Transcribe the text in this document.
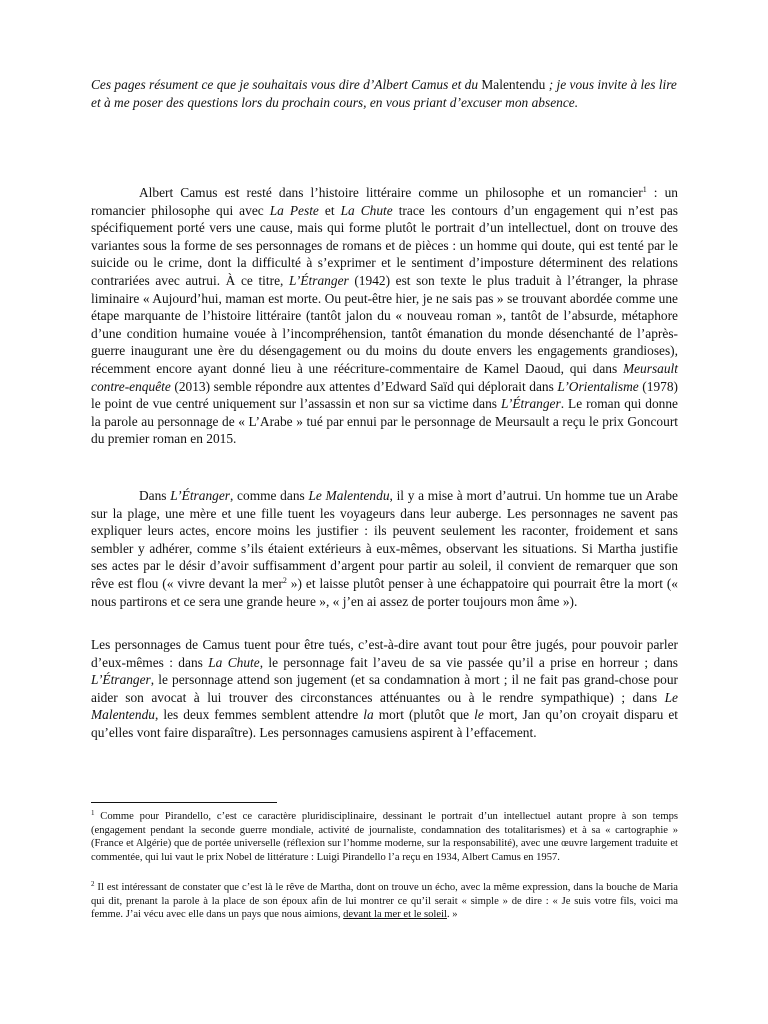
Ces pages résument ce que je souhaitais vous dire d’Albert Camus et du Malentendu ; je vous invite à les lire et à me poser des questions lors du prochain cours, en vous priant d’excuser mon absence.

Albert Camus est resté dans l’histoire littéraire comme un philosophe et un romancier$^1$ : un romancier philosophe qui avec La Peste et La Chute trace les contours d’un engagement qui n’est pas spécifiquement porté vers une cause, mais qui forme plutôt le portrait d’un intellectuel, dont on trouve des variantes sous la forme de ses personnages de romans et de pièces : un homme qui doute, qui est tenté par le suicide ou le crime, dont la difficulté à s’exprimer et le sentiment d’imposture déterminent des relations contrariées avec autrui. À ce titre, L’Étranger (1942) est son texte le plus traduit à l’étranger, la phrase liminaire « Aujourd’hui, maman est morte. Ou peut-être hier, je ne sais pas » se trouvant abordée comme une étape marquante de l’histoire littéraire (tantôt jalon du « nouveau roman », tantôt de l’absurde, métaphore d’une condition humaine vouée à l’incompréhension, tantôt émanation du monde désenchanté de l’après-guerre inaugurant une ère du désengagement ou du moins du doute envers les engagements grandioses), récemment encore ayant donné lieu à une réécriture-commentaire de Kamel Daoud, qui dans Meursault contre-enquête (2013) semble répondre aux attentes d’Edward Saïd qui déplorait dans L’Orientalisme (1978) le point de vue centré uniquement sur l’assassin et non sur sa victime dans L’Étranger. Le roman qui donne la parole au personnage de « L’Arabe » tué par ennui par le personnage de Meursault a reçu le prix Goncourt du premier roman en 2015.

Dans L’Étranger, comme dans Le Malentendu, il y a mise à mort d’autrui. Un homme tue un Arabe sur la plage, une mère et une fille tuent les voyageurs dans leur auberge. Les personnages ne savent pas expliquer leurs actes, encore moins les justifier : ils peuvent seulement les raconter, froidement et sans sembler y adhérer, comme s’ils étaient extérieurs à eux-mêmes, observant les situations. Si Martha justifie ses actes par le désir d’avoir suffisamment d’argent pour partir au soleil, il convient de remarquer que son rêve est flou (« vivre devant la mer$^2$ ») et laisse plutôt penser à une échappatoire qui pourrait être la mort (« nous partirons et ce sera une grande heure », « j’en ai assez de porter toujours mon âme »).

Les personnages de Camus tuent pour être tués, c’est-à-dire avant tout pour être jugés, pour pouvoir parler d’eux-mêmes : dans La Chute, le personnage fait l’aveu de sa vie passée qu’il a prise en horreur ; dans L’Étranger, le personnage attend son jugement (et sa condamnation à mort ; il ne fait pas grand-chose pour aider son avocat à lui trouver des circonstances atténuantes ou à le rendre sympathique) ; dans Le Malentendu, les deux femmes semblent attendre la mort (plutôt que le mort, Jan qu’on croyait disparu et qu’elles vont faire disparaître). Les personnages camusiens aspirent à l’effacement.

$^1$ Comme pour Pirandello, c’est ce caractère pluridisciplinaire, dessinant le portrait d’un intellectuel autant propre à son temps (engagement pendant la seconde guerre mondiale, activité de journaliste, condamnation des totalitarismes) et à sa « cartographie » (France et Algérie) que de portée universelle (réflexion sur l’homme moderne, sur la responsabilité), avec une œuvre largement traduite et commentée, qui lui vaut le prix Nobel de littérature : Luigi Pirandello l’a reçu en 1934, Albert Camus en 1957.

$^2$ Il est intéressant de constater que c’est là le rêve de Martha, dont on trouve un écho, avec la même expression, dans la bouche de Maria qui dit, prenant la parole à la place de son époux afin de lui montrer ce qu’il serait « simple » de dire : « Je suis votre fils, voici ma femme. J’ai vécu avec elle dans un pays que nous aimions, devant la mer et le soleil. »
